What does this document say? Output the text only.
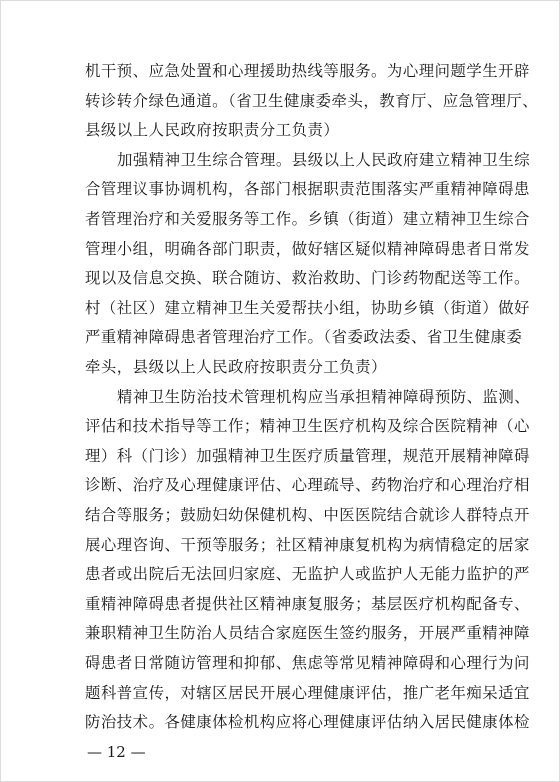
机干预、应急处置和心理援助热线等服务。为心理问题学生开辟
转诊转介绿色通道。（省卫生健康委牵头，教育厅、应急管理厅、
县级以上人民政府按职责分工负责）
加强精神卫生综合管理。县级以上人民政府建立精神卫生综
合管理议事协调机构，各部门根据职责范围落实严重精神障碍患
者管理治疗和关爱服务等工作。乡镇（街道）建立精神卫生综合
管理小组，明确各部门职责，做好辖区疑似精神障碍患者日常发
现以及信息交换、联合随访、救治救助、门诊药物配送等工作。
村（社区）建立精神卫生关爱帮扶小组，协助乡镇（街道）做好
严重精神障碍患者管理治疗工作。（省委政法委、省卫生健康委
牵头，县级以上人民政府按职责分工负责）
精神卫生防治技术管理机构应当承担精神障碍预防、监测、
评估和技术指导等工作；精神卫生医疗机构及综合医院精神（心
理）科（门诊）加强精神卫生医疗质量管理，规范开展精神障碍
诊断、治疗及心理健康评估、心理疏导、药物治疗和心理治疗相
结合等服务；鼓励妇幼保健机构、中医医院结合就诊人群特点开
展心理咨询、干预等服务；社区精神康复机构为病情稳定的居家
患者或出院后无法回归家庭、无监护人或监护人无能力监护的严
重精神障碍患者提供社区精神康复服务；基层医疗机构配备专、
兼职精神卫生防治人员结合家庭医生签约服务，开展严重精神障
碍患者日常随访管理和抑郁、焦虑等常见精神障碍和心理行为问
题科普宣传，对辖区居民开展心理健康评估，推广老年痴呆适宜
防治技术。各健康体检机构应将心理健康评估纳入居民健康体检
— 12 —
